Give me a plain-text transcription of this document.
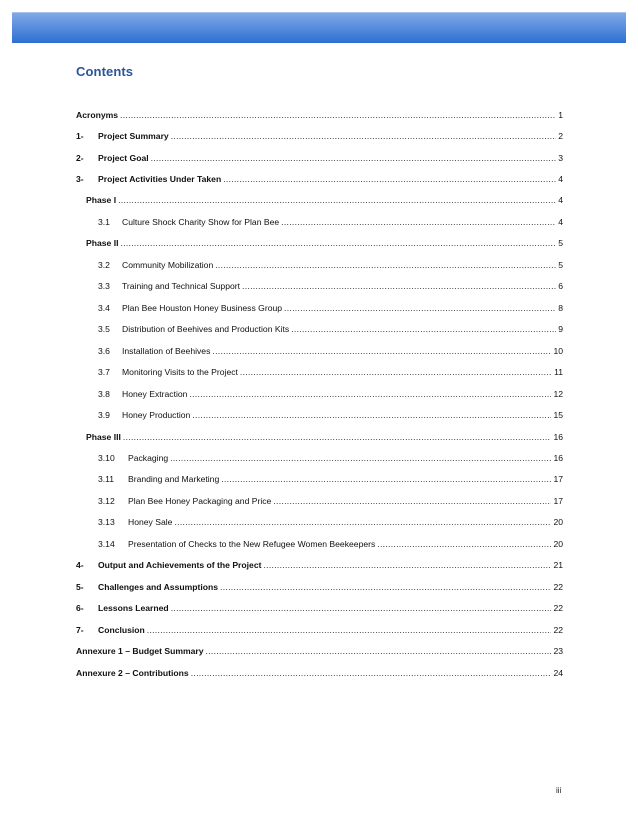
Contents
Acronyms .....	1
1-	Project Summary .....	2
2-	Project Goal .....	3
3-	Project Activities Under Taken .....	4
Phase I .....	4
3.1	Culture Shock Charity Show for Plan Bee .....	4
Phase II .....	5
3.2	Community Mobilization .....	5
3.3	Training and Technical Support .....	6
3.4	Plan Bee Houston Honey Business Group .....	8
3.5	Distribution of Beehives and Production Kits .....	9
3.6	Installation of Beehives .....	10
3.7	Monitoring Visits to the Project .....	11
3.8	Honey Extraction .....	12
3.9	Honey Production .....	15
Phase III .....	16
3.10	Packaging .....	16
3.11	Branding and Marketing .....	17
3.12	Plan Bee Honey Packaging and Price .....	17
3.13	Honey Sale .....	20
3.14	Presentation of Checks to the New Refugee Women Beekeepers .....	20
4-	Output and Achievements of the Project .....	21
5-	Challenges and Assumptions .....	22
6-	Lessons Learned .....	22
7-	Conclusion .....	22
Annexure 1 – Budget Summary .....	23
Annexure 2 – Contributions .....	24
iii
